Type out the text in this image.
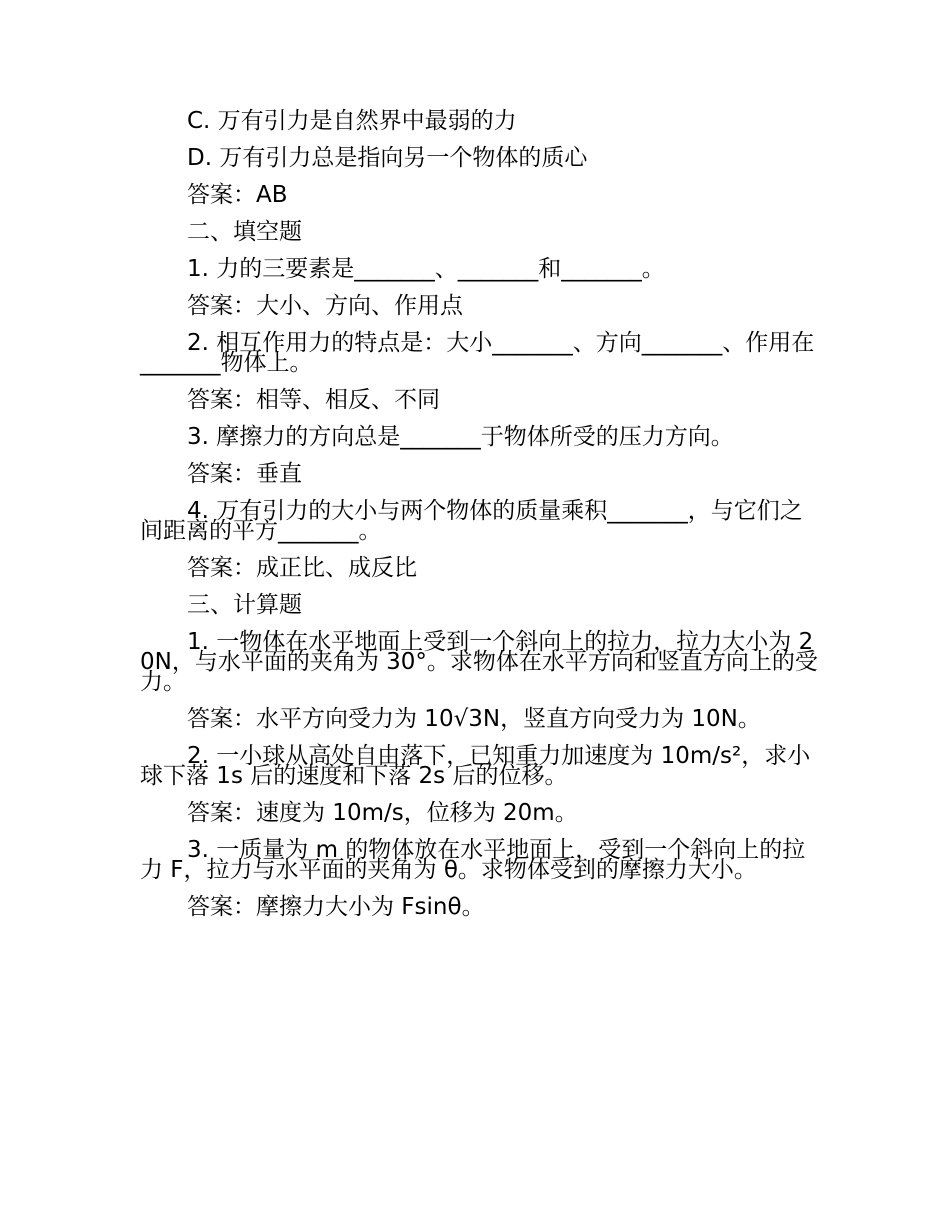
C. 万有引力是自然界中最弱的力

D. 万有引力总是指向另一个物体的质心

答案：AB

二、填空题

1. 力的三要素是_______、_______和_______。

答案：大小、方向、作用点

2. 相互作用力的特点是：大小_______、方向_______、作用在_______物体上。

答案：相等、相反、不同

3. 摩擦力的方向总是_______于物体所受的压力方向。

答案：垂直

4. 万有引力的大小与两个物体的质量乘积_______，与它们之间距离的平方_______。

答案：成正比、成反比

三、计算题

1. 一物体在水平地面上受到一个斜向上的拉力，拉力大小为 20N，与水平面的夹角为 30°。求物体在水平方向和竖直方向上的受力。

答案：水平方向受力为 10√3N，竖直方向受力为 10N。

2. 一小球从高处自由落下，已知重力加速度为 10m/s²，求小球下落 1s 后的速度和下落 2s 后的位移。

答案：速度为 10m/s，位移为 20m。

3. 一质量为 m 的物体放在水平地面上，受到一个斜向上的拉力 F，拉力与水平面的夹角为 θ。求物体受到的摩擦力大小。

答案：摩擦力大小为 Fsinθ。
